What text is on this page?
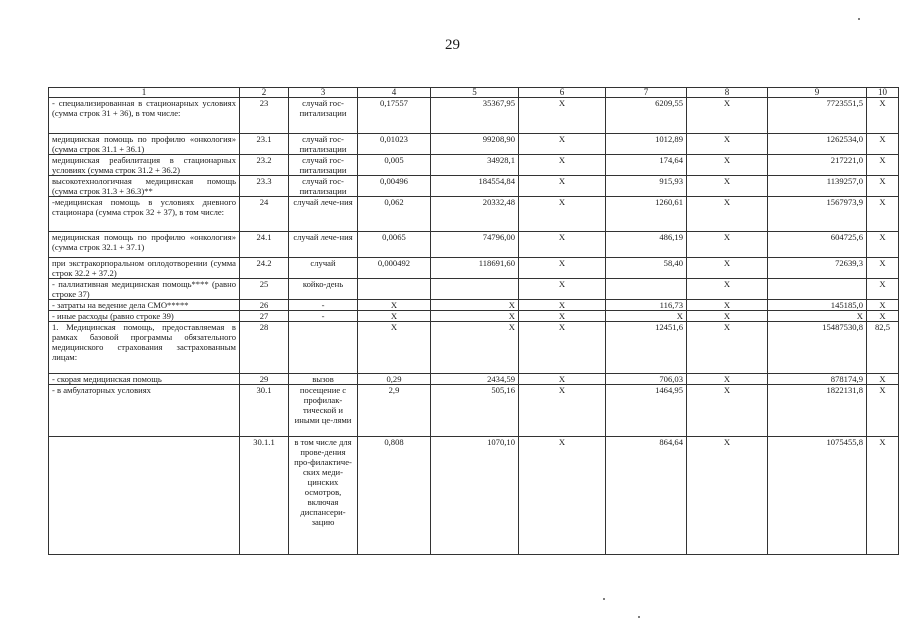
29
1	2	3	4	5	6	7	8	9	10
- специализированная в стационарных условиях (сумма строк 31 + 36), в том числе:	23	случай гос-питализации	0,17557	35367,95	Х	6209,55	Х	7723551,5	Х
медицинская помощь по профилю «онкология» (сумма строк 31.1 + 36.1)	23.1	случай гос-питализации	0,01023	99208,90	Х	1012,89	Х	1262534,0	Х
медицинская реабилитация в стационарных условиях (сумма строк 31.2 + 36.2)	23.2	случай гос-питализации	0,005	34928,1	Х	174,64	Х	217221,0	Х
высокотехнологичная медицинская помощь (сумма строк 31.3 + 36.3)**	23.3	случай гос-питализации	0,00496	184554,84	Х	915,93	Х	1139257,0	Х
-медицинская помощь в условиях дневного стационара (сумма строк 32 + 37), в том числе:	24	случай лече-ния	0,062	20332,48	Х	1260,61	Х	1567973,9	Х
медицинская помощь по профилю «онкология» (сумма строк 32.1 + 37.1)	24.1	случай лече-ния	0,0065	74796,00	Х	486,19	Х	604725,6	Х
при экстракорпоральном оплодотворении (сумма строк 32.2 + 37.2)	24.2	случай	0,000492	118691,60	Х	58,40	Х	72639,3	Х
- паллиативная медицинская помощь**** (равно строке 37)	25	койко-день			Х		Х		Х
- затраты на ведение дела СМО*****	26	-	Х	Х	Х	116,73	Х	145185,0	Х
- иные расходы (равно строке 39)	27	-	Х	Х	Х	Х	Х	Х	Х
1. Медицинская помощь, предоставляемая в рамках базовой программы обязательного медицинского страхования застрахованным лицам:	28		Х	Х	Х	12451,6	Х	15487530,8	82,5
- скорая медицинская помощь	29	вызов	0,29	2434,59	Х	706,03	Х	878174,9	Х
- в амбулаторных условиях	30.1	посещение с профилак-тической и иными це-лями	2,9	505,16	Х	1464,95	Х	1822131,8	Х
	30.1.1	в том числе для прове-дения про-филактиче-ских меди-цинских осмотров, включая диспансери-зацию	0,808	1070,10	Х	864,64	Х	1075455,8	Х
